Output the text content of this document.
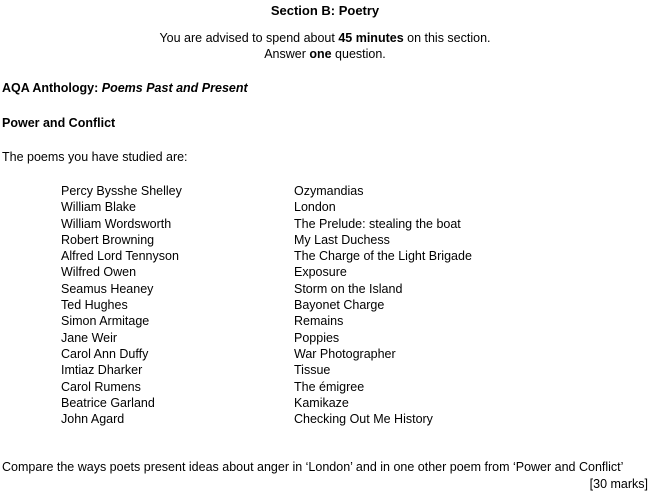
Section B: Poetry
You are advised to spend about 45 minutes on this section.
Answer one question.
AQA Anthology: Poems Past and Present
Power and Conflict
The poems you have studied are:
Percy Bysshe Shelley	Ozymandias
William Blake	London
William Wordsworth	The Prelude: stealing the boat
Robert Browning	My Last Duchess
Alfred Lord Tennyson	The Charge of the Light Brigade
Wilfred Owen	Exposure
Seamus Heaney	Storm on the Island
Ted Hughes	Bayonet Charge
Simon Armitage	Remains
Jane Weir	Poppies
Carol Ann Duffy	War Photographer
Imtiaz Dharker	Tissue
Carol Rumens	The émigree
Beatrice Garland	Kamikaze
John Agard	Checking Out Me History
Compare the ways poets present ideas about anger in ‘London’ and in one other poem from ‘Power and Conflict’
[30 marks]
